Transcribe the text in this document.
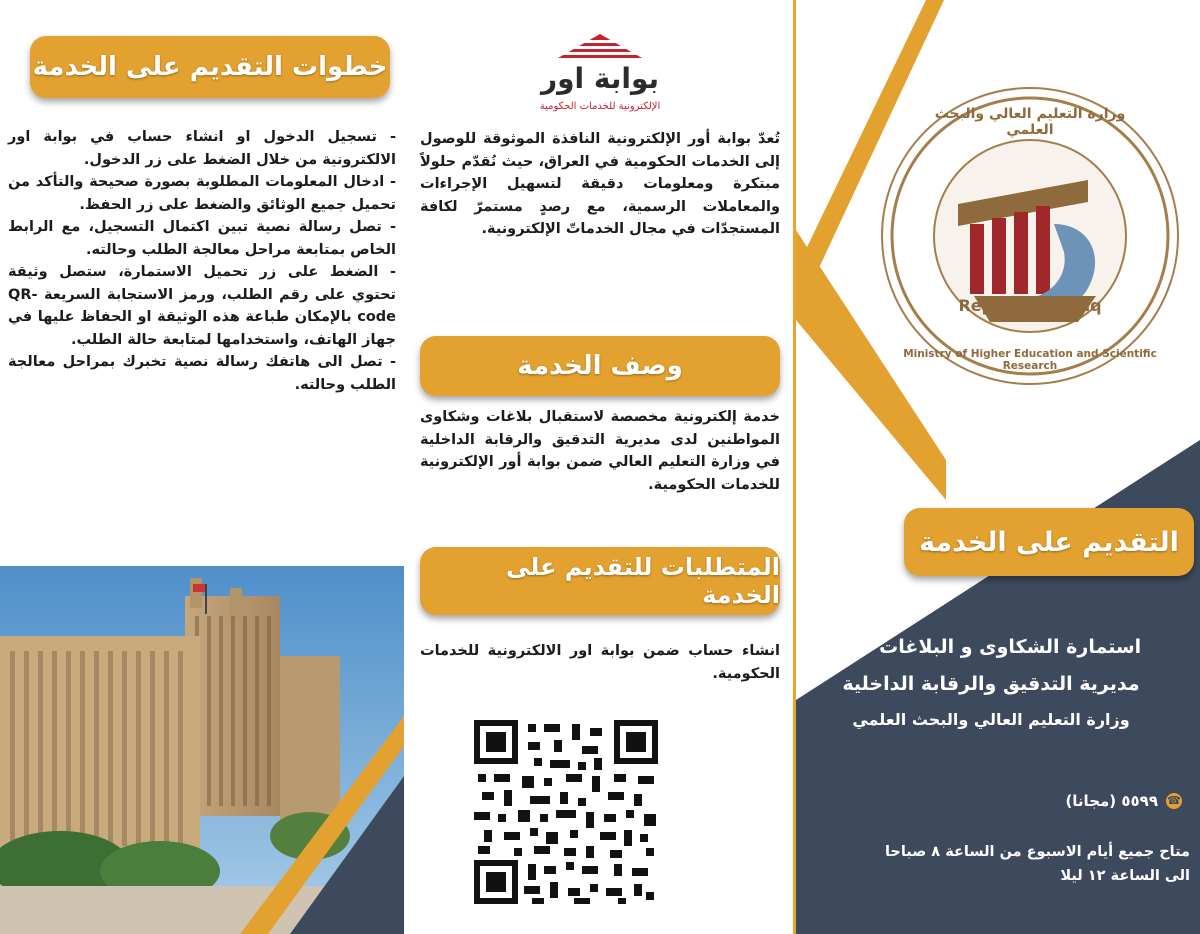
خطوات التقديم على الخدمة

- تسجيل الدخول او انشاء حساب في بوابة اور الالكترونية من خلال الضغط على زر الدخول.

- ادخال المعلومات المطلوبة بصورة صحيحة والتأكد من تحميل جميع الوثائق والضغط على زر الحفظ.

- تصل رسالة نصية تبين اكتمال التسجيل، مع الرابط الخاص بمتابعة مراحل معالجة الطلب وحالته.

- الضغط على زر تحميل الاستمارة، ستصل وثيقة تحتوي على رقم الطلب، ورمز الاستجابة السريعة QR-code بالإمكان طباعة هذه الوثيقة او الحفاظ عليها في جهاز الهاتف، واستخدامها لمتابعة حالة الطلب.

- تصل الى هاتفك رسالة نصية تخبرك بمراحل معالجة الطلب وحالته.

بوابة اور
الإلكترونية للخدمات الحكومية
تُعدّ بوابة أور الإلكترونية النافذة الموثوقة للوصول إلى الخدمات الحكومية في العراق، حيث نُقدّم حلولاً مبتكرة ومعلومات دقيقة لتسهيل الإجراءات والمعاملات الرسمية، مع رصدٍ مستمرّ لكافة المستجدّات في مجال الخدماتّ الإلكترونية.
وصف الخدمة
خدمة إلكترونية مخصصة لاستقبال بلاغات وشكاوى المواطنين لدى مديرية التدقيق والرقابة الداخلية في وزارة التعليم العالي ضمن بوابة أور الإلكترونية للخدمات الحكومية.
المتطلبات للتقديم على الخدمة
انشاء حساب ضمن بوابة اور الالكترونية للخدمات الحكومية.
وزارة التعليم العالي والبحث العلمي
Republic of Iraq
Ministry of Higher Education and Scientific Research
التقديم على الخدمة
استمارة الشكاوى و البلاغات في
مديرية التدقيق والرقابة الداخلية
وزارة التعليم العالي والبحث العلمي
☎
٥٥٩٩ (مجانا)
متاح جميع أيام الاسبوع من الساعة ٨ صباحا
الى الساعة ١٢ ليلا
